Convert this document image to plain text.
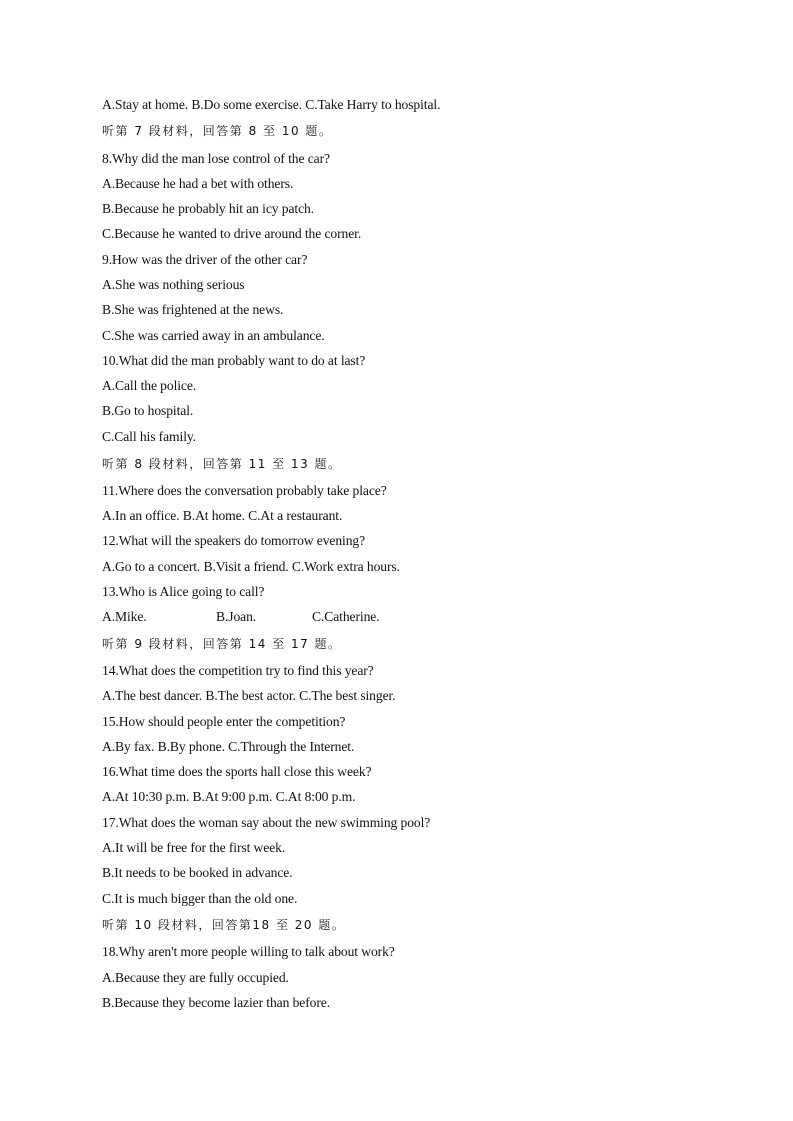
A.Stay at home. B.Do some exercise. C.Take Harry to hospital.
听第 7 段材料，回答第 8 至 10 题。
8.Why did the man lose control of the car?
A.Because he had a bet with others.
B.Because he probably hit an icy patch.
C.Because he wanted to drive around the corner.
9.How was the driver of the other car?
A.She was nothing serious
B.She was frightened at the news.
C.She was carried away in an ambulance.
10.What did the man probably want to do at last?
A.Call the police.
B.Go to hospital.
C.Call his family.
听第 8 段材料，回答第 11 至 13 题。
11.Where does the conversation probably take place?
A.In an office. B.At home. C.At a restaurant.
12.What will the speakers do tomorrow evening?
A.Go to a concert. B.Visit a friend. C.Work extra hours.
13.Who is Alice going to call?
A.Mike.	B.Joan.	C.Catherine.
听第 9 段材料，回答第 14 至 17 题。
14.What does the competition try to find this year?
A.The best dancer. B.The best actor. C.The best singer.
15.How should people enter the competition?
A.By fax. B.By phone. C.Through the Internet.
16.What time does the sports hall close this week?
A.At 10:30 p.m. B.At 9:00 p.m. C.At 8:00 p.m.
17.What does the woman say about the new swimming pool?
A.It will be free for the first week.
B.It needs to be booked in advance.
C.It is much bigger than the old one.
听第 10 段材料，回答第18 至 20 题。
18.Why aren't more people willing to talk about work?
A.Because they are fully occupied.
B.Because they become lazier than before.
